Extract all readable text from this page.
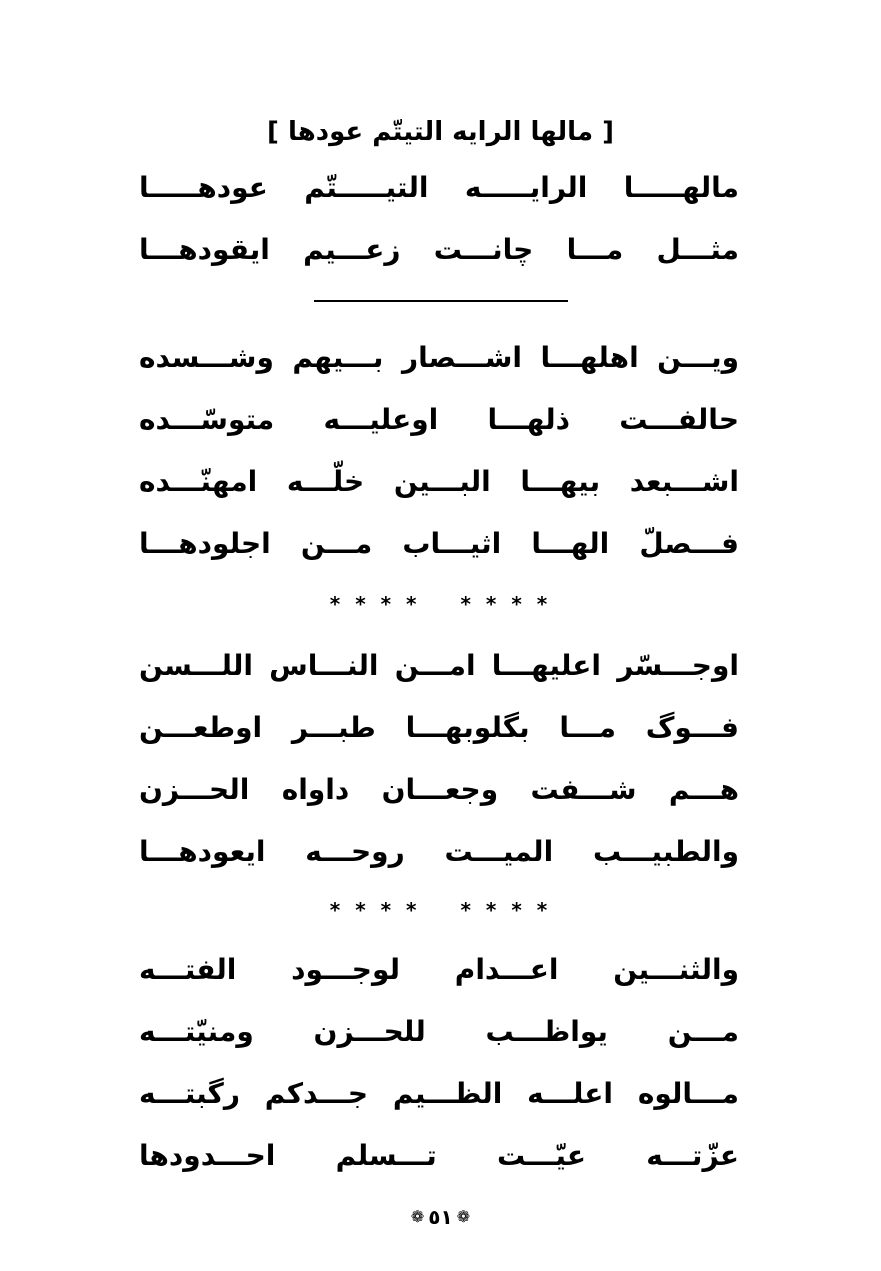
[ مالها الرايه التيتّم عودها ]
مالهـــــا الرايـــــه التيـــــتّم عودهـــــا
مثـــل مـــا چانـــت زعـــيم ايقودهـــا
ويـــن اهلهـــا اشـــصار بـــيهم وشـــسده
حالفـــت ذلهـــا اوعليـــه متوسّـــده
اشـــبعد بيهـــا البـــين خلّـــه امهنّـــده
فـــصلّ الهـــا اثيـــاب مـــن اجلودهـــا
* * * * * * * *
اوجـــسّر اعليهـــا امـــن النـــاس اللـــسن
فـــوگ مـــا بگلوبهـــا طبـــر اوطعـــن
هـــم شـــفت وجعـــان داواه الحـــزن
والطبيـــب الميـــت روحـــه ايعودهـــا
* * * * * * * *
والثنـــين اعـــدام لوجـــود الفتـــه
مـــن يواظـــب للحـــزن ومنيّتـــه
مـــالوه اعلـــه الظـــيم جـــدكم رگبتـــه
عزّتـــه عيّـــت تـــسلم احـــدودها
❁ ٥١ ❁
